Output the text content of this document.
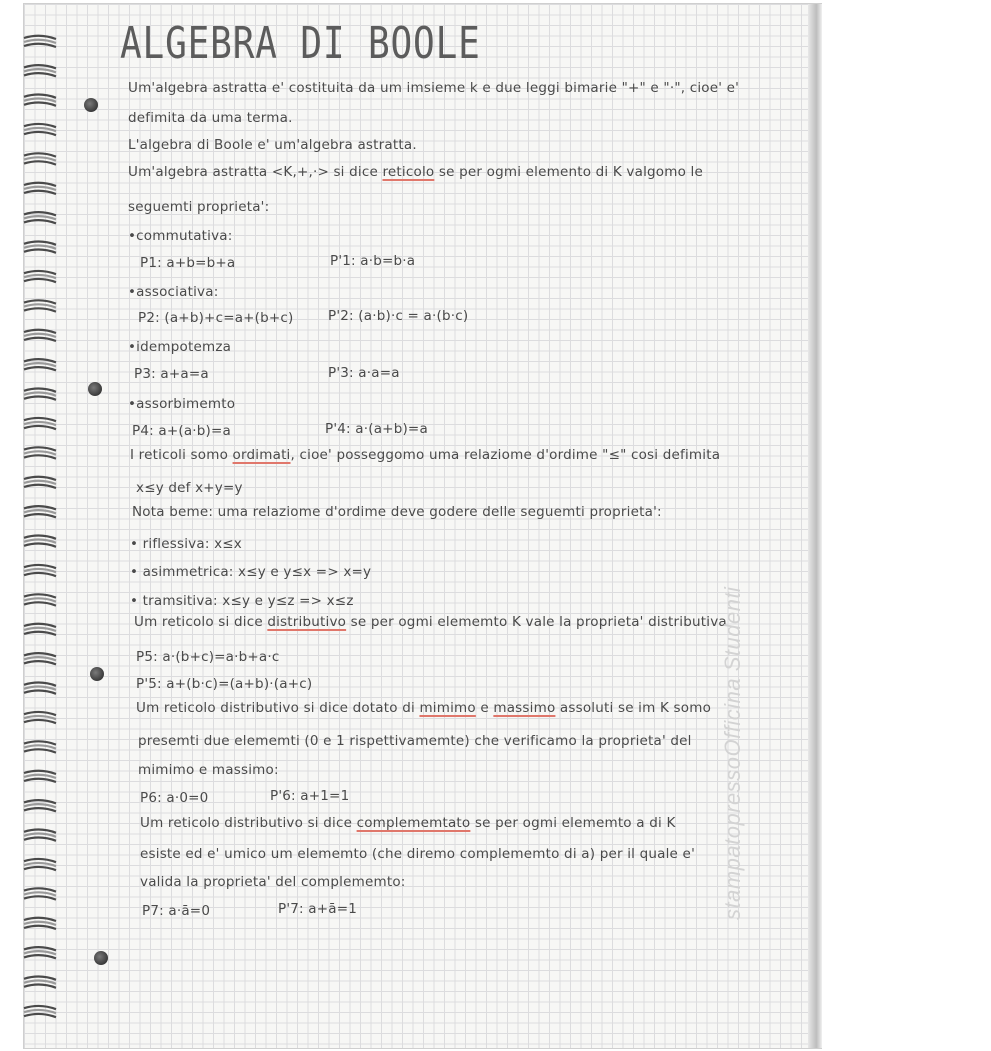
ALGEBRA DI BOOLE
Um'algebra astratta e' costituita da um imsieme k e due leggi bimarie "+" e "·", cioe' e'
defimita da uma terma.
L'algebra di Boole e' um'algebra astratta.
Um'algebra astratta <K,+,·> si dice reticolo se per ogmi elemento di K valgomo le
seguemti proprieta':
•commutativa:
P1: a+b=b+a	P'1: a·b=b·a
•associativa:
P2: (a+b)+c=a+(b+c)	P'2: (a·b)·c = a·(b·c)
•idempotemza
P3: a+a=a	P'3: a·a=a
•assorbimemto
P4: a+(a·b)=a	P'4: a·(a+b)=a
I reticoli somo ordimati, cioe' posseggomo uma relaziome d'ordime "≤" cosi defimita
x≤y def x+y=y
Nota beme: uma relaziome d'ordime deve godere delle seguemti proprieta':
• riflessiva: x≤x
• asimmetrica: x≤y e y≤x => x=y
• tramsitiva: x≤y e y≤z => x≤z
Um reticolo si dice distributivo se per ogmi elememto K vale la proprieta' distributiva
P5: a·(b+c)=a·b+a·c
P'5: a+(b·c)=(a+b)·(a+c)
Um reticolo distributivo si dice dotato di mimimo e massimo assoluti se im K somo
presemti due elememti (0 e 1 rispettivamemte) che verificamo la proprieta' del
mimimo e massimo:
P6: a·0=0	P'6: a+1=1
Um reticolo distributivo si dice complememtato se per ogmi elememto a di K
esiste ed e' umico um elememto (che diremo complememto di a) per il quale e'
valida la proprieta' del complememto:
P7: a·ā=0	P'7: a+ā=1	stampatopressoOfficina Studenti
